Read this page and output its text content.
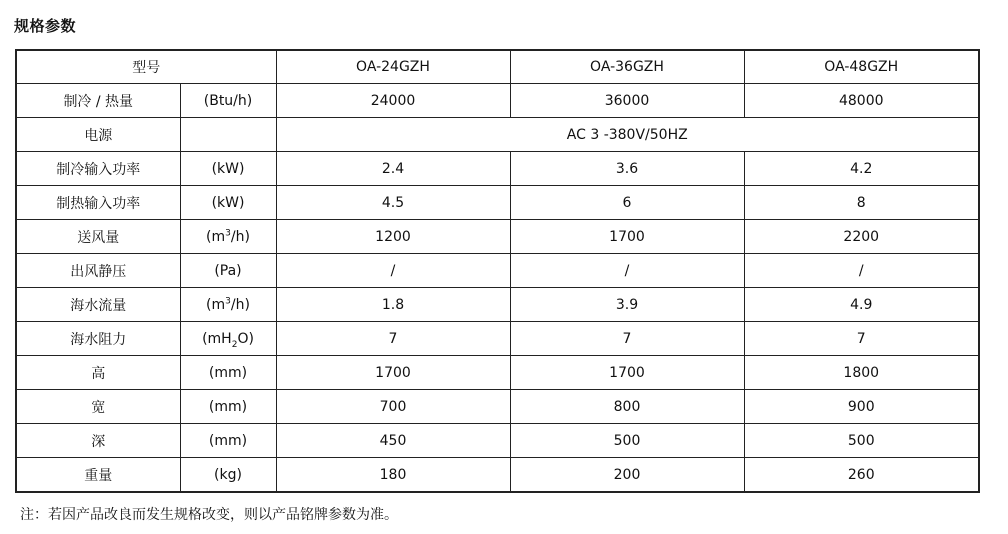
规格参数
型号		OA-24GZH	OA-36GZH	OA-48GZH
制冷 / 热量	(Btu/h)	24000	36000	48000
电源		AC 3 -380V/50HZ		
制冷输入功率	(kW)	2.4	3.6	4.2
制热输入功率	(kW)	4.5	6	8
送风量	$(m^3/h)$	1200	1700	2200
出风静压	(Pa)	/	/	/
海水流量	$(m^3/h)$	1.8	3.9	4.9
海水阻力	$(mH_2O)$	7	7	7
高	(mm)	1700	1700	1800
宽	(mm)	700	800	900
深	(mm)	450	500	500
重量	(kg)	180	200	260
注：若因产品改良而发生规格改变，则以产品铭牌参数为准。
